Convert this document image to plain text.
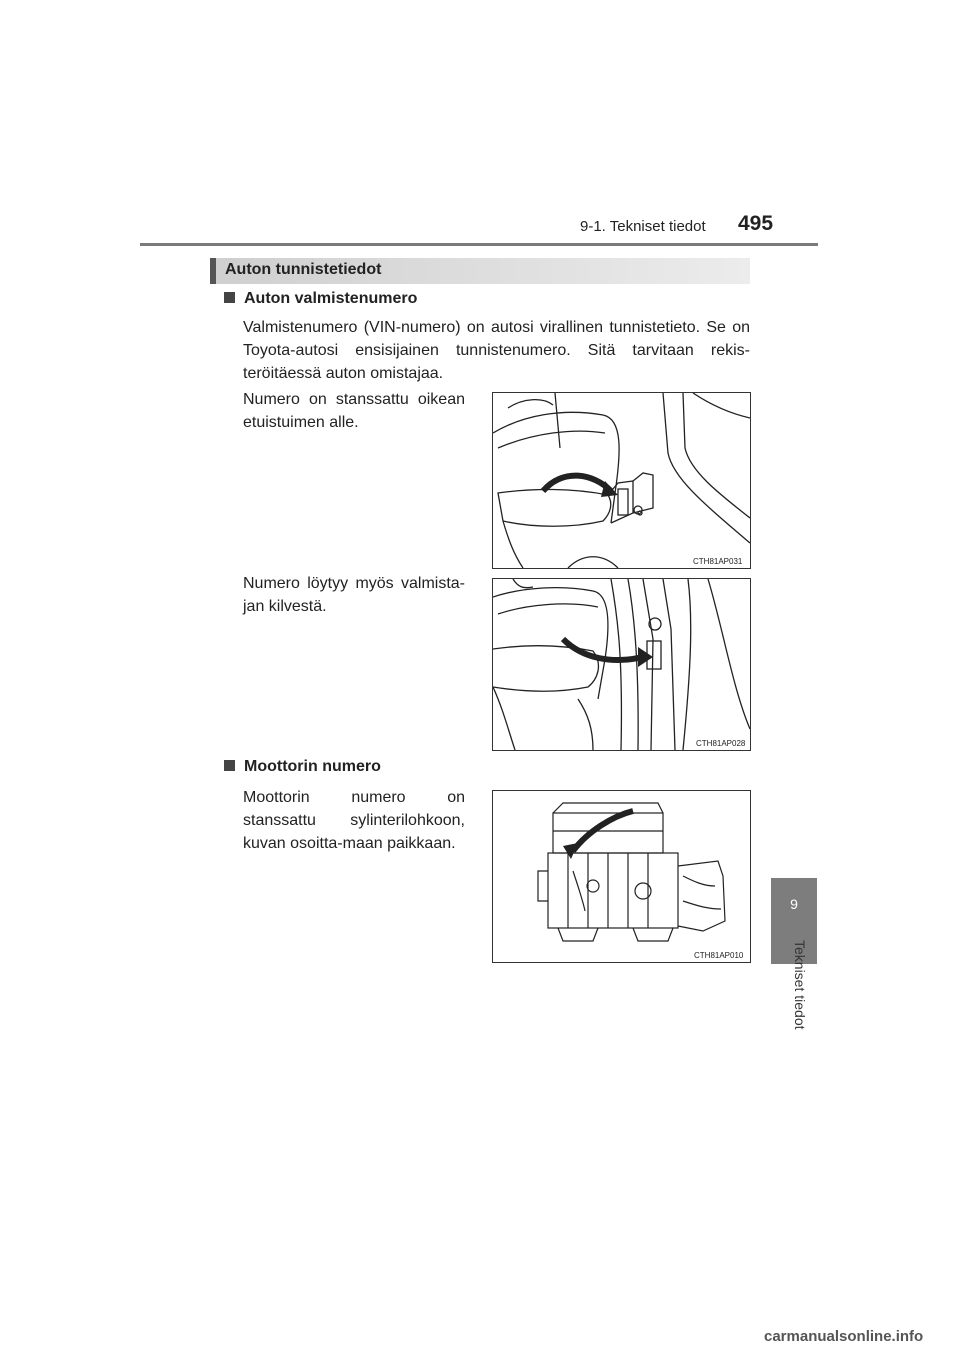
9-1. Tekniset tiedot 495
Auton tunnistetiedot
Auton valmistenumero
Valmistenumero (VIN-numero) on autosi virallinen tunnistetieto. Se on Toyota-autosi ensisijainen tunnistenumero. Sitä tarvitaan rekis-teröitäessä auton omistajaa.
Numero on stanssattu oikean etuistuimen alle.
CTH81AP031
Numero löytyy myös valmista-jan kilvestä.
CTH81AP028
Moottorin numero
Moottorin numero on stanssattu sylinterilohkoon, kuvan osoitta-maan paikkaan.
CTH81AP010
9
Tekniset tiedot
carmanualsonline.info
